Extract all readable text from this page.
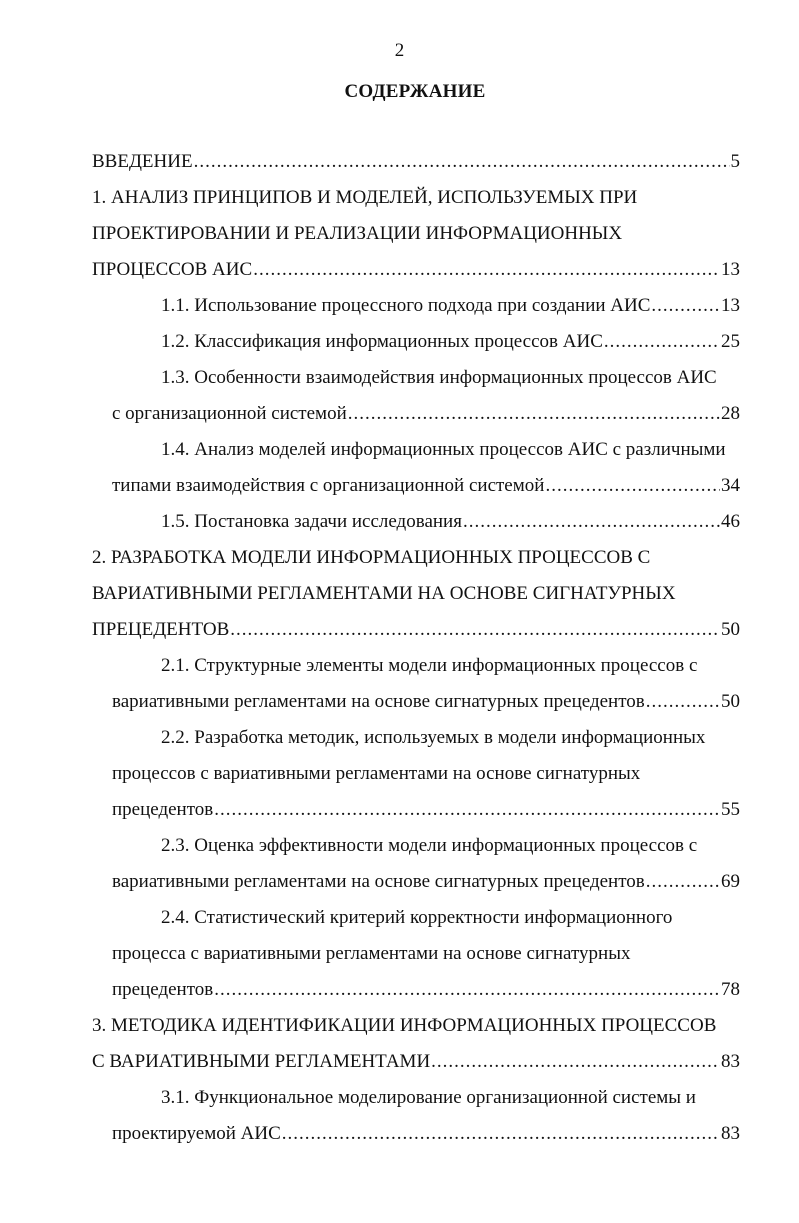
2
СОДЕРЖАНИЕ
ВВЕДЕНИЕ .....	5
1. АНАЛИЗ ПРИНЦИПОВ И МОДЕЛЕЙ, ИСПОЛЬЗУЕМЫХ ПРИ
ПРОЕКТИРОВАНИИ И РЕАЛИЗАЦИИ ИНФОРМАЦИОННЫХ
ПРОЦЕССОВ АИС .....	13
1.1. Использование процессного подхода при создании АИС .....	13
1.2. Классификация информационных процессов АИС .....	25
1.3. Особенности взаимодействия информационных процессов АИС
с организационной системой .....	28
1.4. Анализ моделей информационных процессов АИС с различными
типами взаимодействия с организационной системой .....	34
1.5. Постановка задачи исследования .....	46
2. РАЗРАБОТКА МОДЕЛИ ИНФОРМАЦИОННЫХ ПРОЦЕССОВ С
ВАРИАТИВНЫМИ РЕГЛАМЕНТАМИ НА ОСНОВЕ СИГНАТУРНЫХ
ПРЕЦЕДЕНТОВ .....	50
2.1. Структурные элементы модели информационных процессов с
вариативными регламентами на основе сигнатурных прецедентов .....	50
2.2. Разработка методик, используемых в модели информационных
процессов с вариативными регламентами на основе сигнатурных
прецедентов .....	55
2.3. Оценка эффективности модели информационных процессов с
вариативными регламентами на основе сигнатурных прецедентов .....	69
2.4. Статистический критерий корректности информационного
процесса с вариативными регламентами на основе сигнатурных
прецедентов .....	78
3. МЕТОДИКА ИДЕНТИФИКАЦИИ ИНФОРМАЦИОННЫХ ПРОЦЕССОВ
С ВАРИАТИВНЫМИ РЕГЛАМЕНТАМИ .....	83
3.1. Функциональное моделирование организационной системы и
проектируемой АИС .....	83
